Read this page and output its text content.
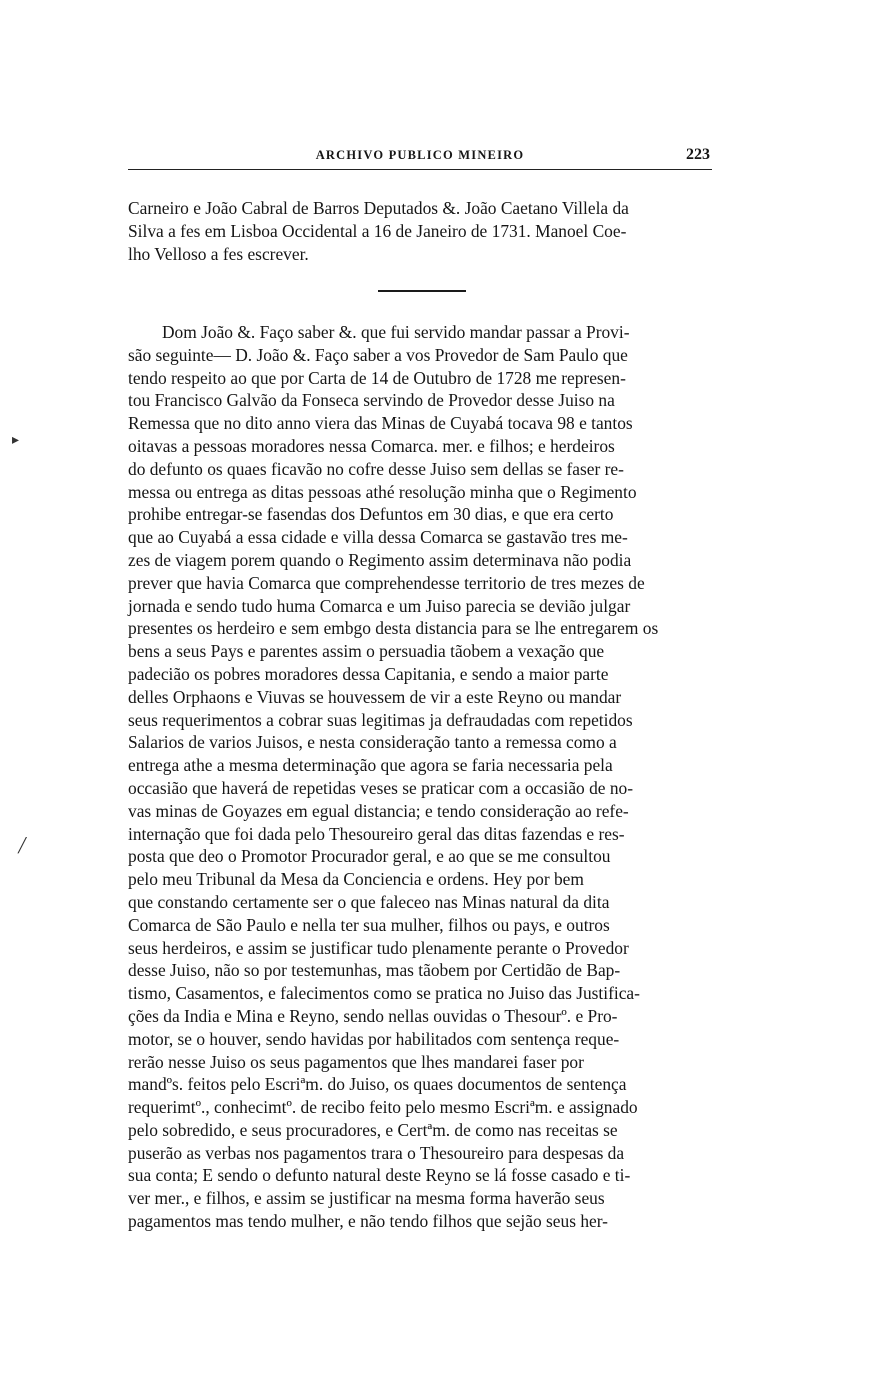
ARCHIVO PUBLICO MINEIRO	223
Carneiro e João Cabral de Barros Deputados &. João Caetano Villela da
Silva a fes em Lisboa Occidental a 16 de Janeiro de 1731. Manoel Coe-
lho Velloso a fes escrever.
▸
╱
Dom João &. Faço saber &. que fui servido mandar passar a Provi-
são seguinte— D. João &. Faço saber a vos Provedor de Sam Paulo que
tendo respeito ao que por Carta de 14 de Outubro de 1728 me represen-
tou Francisco Galvão da Fonseca servindo de Provedor desse Juiso na
Remessa que no dito anno viera das Minas de Cuyabá tocava 98 e tantos
oitavas a pessoas moradores nessa Comarca. mer. e filhos; e herdeiros
do defunto os quaes ficavão no cofre desse Juiso sem dellas se faser re-
messa ou entrega as ditas pessoas athé resolução minha que o Regimento
prohibe entregar-se fasendas dos Defuntos em 30 dias, e que era certo
que ao Cuyabá a essa cidade e villa dessa Comarca se gastavão tres me-
zes de viagem porem quando o Regimento assim determinava não podia
prever que havia Comarca que comprehendesse territorio de tres mezes de
jornada e sendo tudo huma Comarca e um Juiso parecia se devião julgar
presentes os herdeiro e sem embgo desta distancia para se lhe entregarem os
bens a seus Pays e parentes assim o persuadia tãobem a vexação que
padecião os pobres moradores dessa Capitania, e sendo a maior parte
delles Orphaons e Viuvas se houvessem de vir a este Reyno ou mandar
seus requerimentos a cobrar suas legitimas ja defraudadas com repetidos
Salarios de varios Juisos, e nesta consideração tanto a remessa como a
entrega athe a mesma determinação que agora se faria necessaria pela
occasião que haverá de repetidas veses se praticar com a occasião de no-
vas minas de Goyazes em egual distancia; e tendo consideração ao refe-
internação que foi dada pelo Thesoureiro geral das ditas fazendas e res-
posta que deo o Promotor Procurador geral, e ao que se me consultou
pelo meu Tribunal da Mesa da Conciencia e ordens. Hey por bem
que constando certamente ser o que faleceo nas Minas natural da dita
Comarca de São Paulo e nella ter sua mulher, filhos ou pays, e outros
seus herdeiros, e assim se justificar tudo plenamente perante o Provedor
desse Juiso, não so por testemunhas, mas tãobem por Certidão de Bap-
tismo, Casamentos, e falecimentos como se pratica no Juiso das Justifica-
ções da India e Mina e Reyno, sendo nellas ouvidas o Thesourº. e Pro-
motor, se o houver, sendo havidas por habilitados com sentença reque-
rerão nesse Juiso os seus pagamentos que lhes mandarei faser por
mandºs. feitos pelo Escriªm. do Juiso, os quaes documentos de sentença
requerimtº., conhecimtº. de recibo feito pelo mesmo Escriªm. e assignado
pelo sobredido, e seus procuradores, e Certªm. de como nas receitas se
puserão as verbas nos pagamentos trara o Thesoureiro para despesas da
sua conta; E sendo o defunto natural deste Reyno se lá fosse casado e ti-
ver mer., e filhos, e assim se justificar na mesma forma haverão seus
pagamentos mas tendo mulher, e não tendo filhos que sejão seus her-
